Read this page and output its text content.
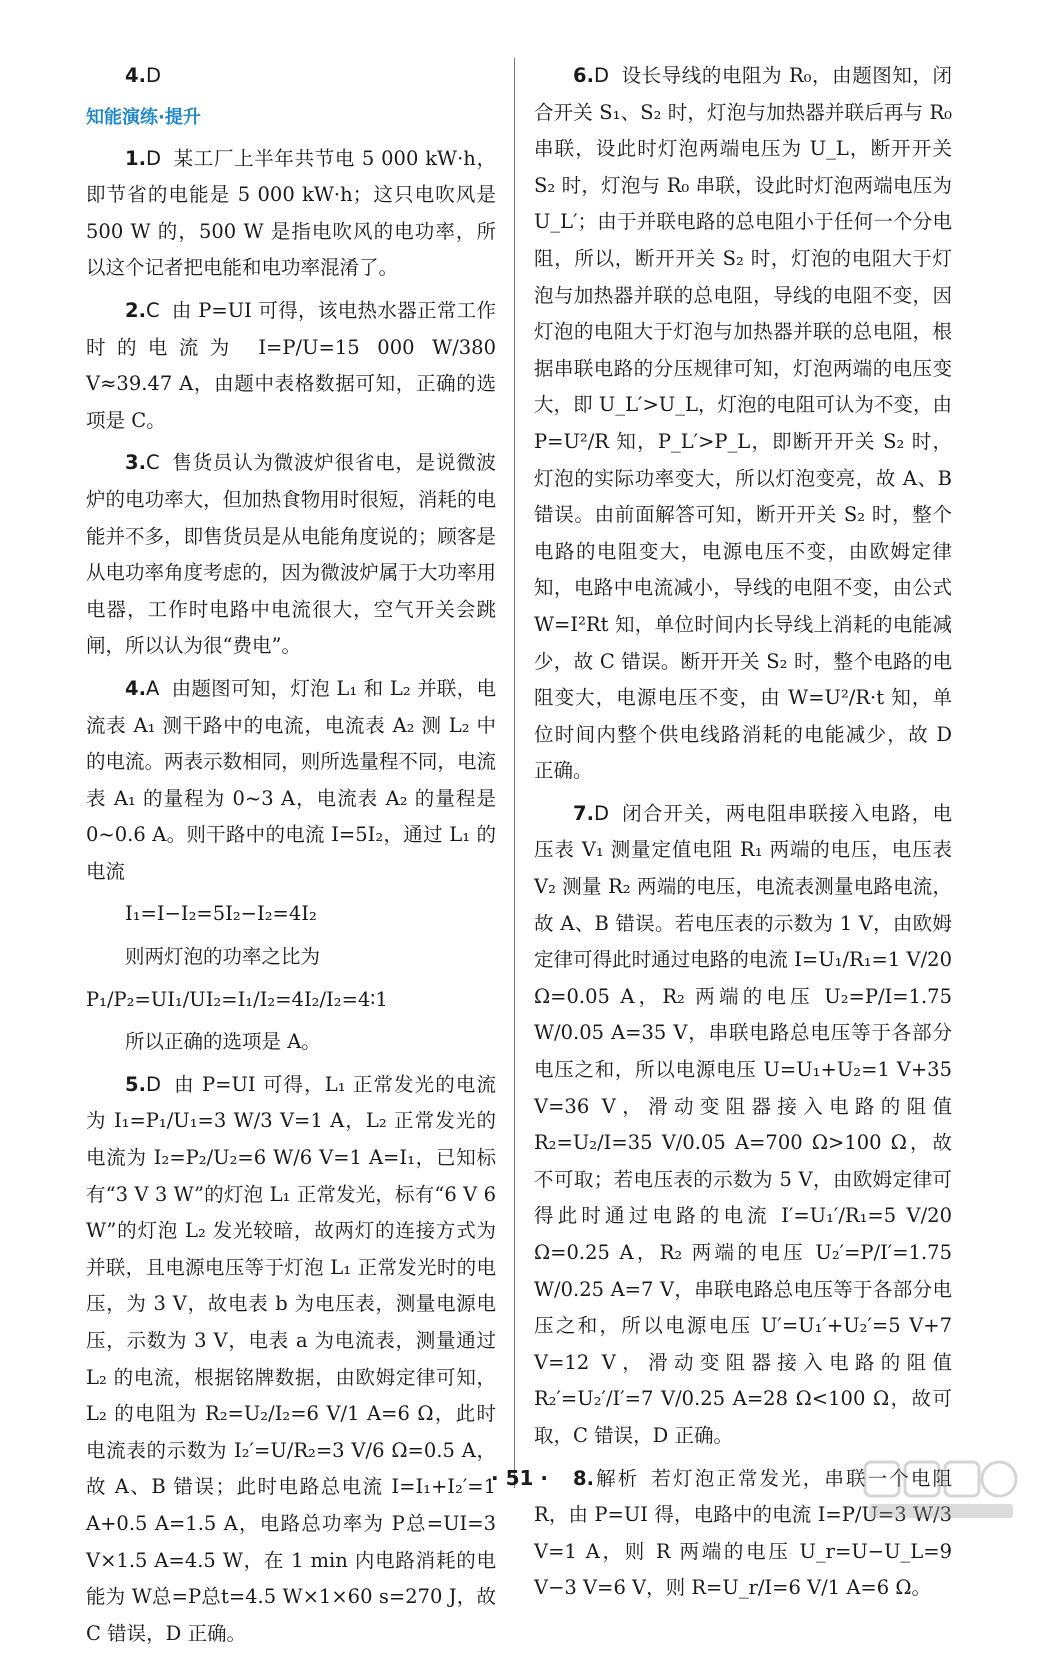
4.D

知能演练·提升

1.D 某工厂上半年共节电 5 000 kW·h，即节省的电能是 5 000 kW·h；这只电吹风是 500 W 的，500 W 是指电吹风的电功率，所以这个记者把电能和电功率混淆了。

2.C 由 P=UI 可得，该电热水器正常工作时的电流为 I=P/U=15 000 W/380 V≈39.47 A，由题中表格数据可知，正确的选项是 C。

3.C 售货员认为微波炉很省电，是说微波炉的电功率大，但加热食物用时很短，消耗的电能并不多，即售货员是从电能角度说的；顾客是从电功率角度考虑的，因为微波炉属于大功率用电器，工作时电路中电流很大，空气开关会跳闸，所以认为很“费电”。

4.A 由题图可知，灯泡 L₁ 和 L₂ 并联，电流表 A₁ 测干路中的电流，电流表 A₂ 测 L₂ 中的电流。两表示数相同，则所选量程不同，电流表 A₁ 的量程为 0~3 A，电流表 A₂ 的量程是 0~0.6 A。则干路中的电流 I=5I₂，通过 L₁ 的电流

I₁=I−I₂=5I₂−I₂=4I₂

则两灯泡的功率之比为

P₁/P₂=UI₁/UI₂=I₁/I₂=4I₂/I₂=4∶1

所以正确的选项是 A。

5.D 由 P=UI 可得，L₁ 正常发光的电流为 I₁=P₁/U₁=3 W/3 V=1 A，L₂ 正常发光的电流为 I₂=P₂/U₂=6 W/6 V=1 A=I₁，已知标有“3 V 3 W”的灯泡 L₁ 正常发光，标有“6 V 6 W”的灯泡 L₂ 发光较暗，故两灯的连接方式为并联，且电源电压等于灯泡 L₁ 正常发光时的电压，为 3 V，故电表 b 为电压表，测量电源电压，示数为 3 V，电表 a 为电流表，测量通过 L₂ 的电流，根据铭牌数据，由欧姆定律可知，L₂ 的电阻为 R₂=U₂/I₂=6 V/1 A=6 Ω，此时电流表的示数为 I₂′=U/R₂=3 V/6 Ω=0.5 A，故 A、B 错误；此时电路总电流 I=I₁+I₂′=1 A+0.5 A=1.5 A，电路总功率为 P总=UI=3 V×1.5 A=4.5 W，在 1 min 内电路消耗的电能为 W总=P总t=4.5 W×1×60 s=270 J，故 C 错误，D 正确。

6.D 设长导线的电阻为 R₀，由题图知，闭合开关 S₁、S₂ 时，灯泡与加热器并联后再与 R₀ 串联，设此时灯泡两端电压为 U_L，断开开关 S₂ 时，灯泡与 R₀ 串联，设此时灯泡两端电压为 U_L′；由于并联电路的总电阻小于任何一个分电阻，所以，断开开关 S₂ 时，灯泡的电阻大于灯泡与加热器并联的总电阻，导线的电阻不变，因灯泡的电阻大于灯泡与加热器并联的总电阻，根据串联电路的分压规律可知，灯泡两端的电压变大，即 U_L′>U_L，灯泡的电阻可认为不变，由 P=U²/R 知，P_L′>P_L，即断开开关 S₂ 时，灯泡的实际功率变大，所以灯泡变亮，故 A、B 错误。由前面解答可知，断开开关 S₂ 时，整个电路的电阻变大，电源电压不变，由欧姆定律知，电路中电流减小，导线的电阻不变，由公式 W=I²Rt 知，单位时间内长导线上消耗的电能减少，故 C 错误。断开开关 S₂ 时，整个电路的电阻变大，电源电压不变，由 W=U²/R·t 知，单位时间内整个供电线路消耗的电能减少，故 D 正确。

7.D 闭合开关，两电阻串联接入电路，电压表 V₁ 测量定值电阻 R₁ 两端的电压，电压表 V₂ 测量 R₂ 两端的电压，电流表测量电路电流，故 A、B 错误。若电压表的示数为 1 V，由欧姆定律可得此时通过电路的电流 I=U₁/R₁=1 V/20 Ω=0.05 A，R₂ 两端的电压 U₂=P/I=1.75 W/0.05 A=35 V，串联电路总电压等于各部分电压之和，所以电源电压 U=U₁+U₂=1 V+35 V=36 V，滑动变阻器接入电路的阻值 R₂=U₂/I=35 V/0.05 A=700 Ω>100 Ω，故不可取；若电压表的示数为 5 V，由欧姆定律可得此时通过电路的电流 I′=U₁′/R₁=5 V/20 Ω=0.25 A，R₂ 两端的电压 U₂′=P/I′=1.75 W/0.25 A=7 V，串联电路总电压等于各部分电压之和，所以电源电压 U′=U₁′+U₂′=5 V+7 V=12 V，滑动变阻器接入电路的阻值 R₂′=U₂′/I′=7 V/0.25 A=28 Ω<100 Ω，故可取，C 错误，D 正确。

8.解析 若灯泡正常发光，串联一个电阻 R，由 P=UI 得，电路中的电流 I=P/U=3 W/3 V=1 A，则 R 两端的电压 U_r=U−U_L=9 V−3 V=6 V，则 R=U_r/I=6 V/1 A=6 Ω。

· 51 ·
